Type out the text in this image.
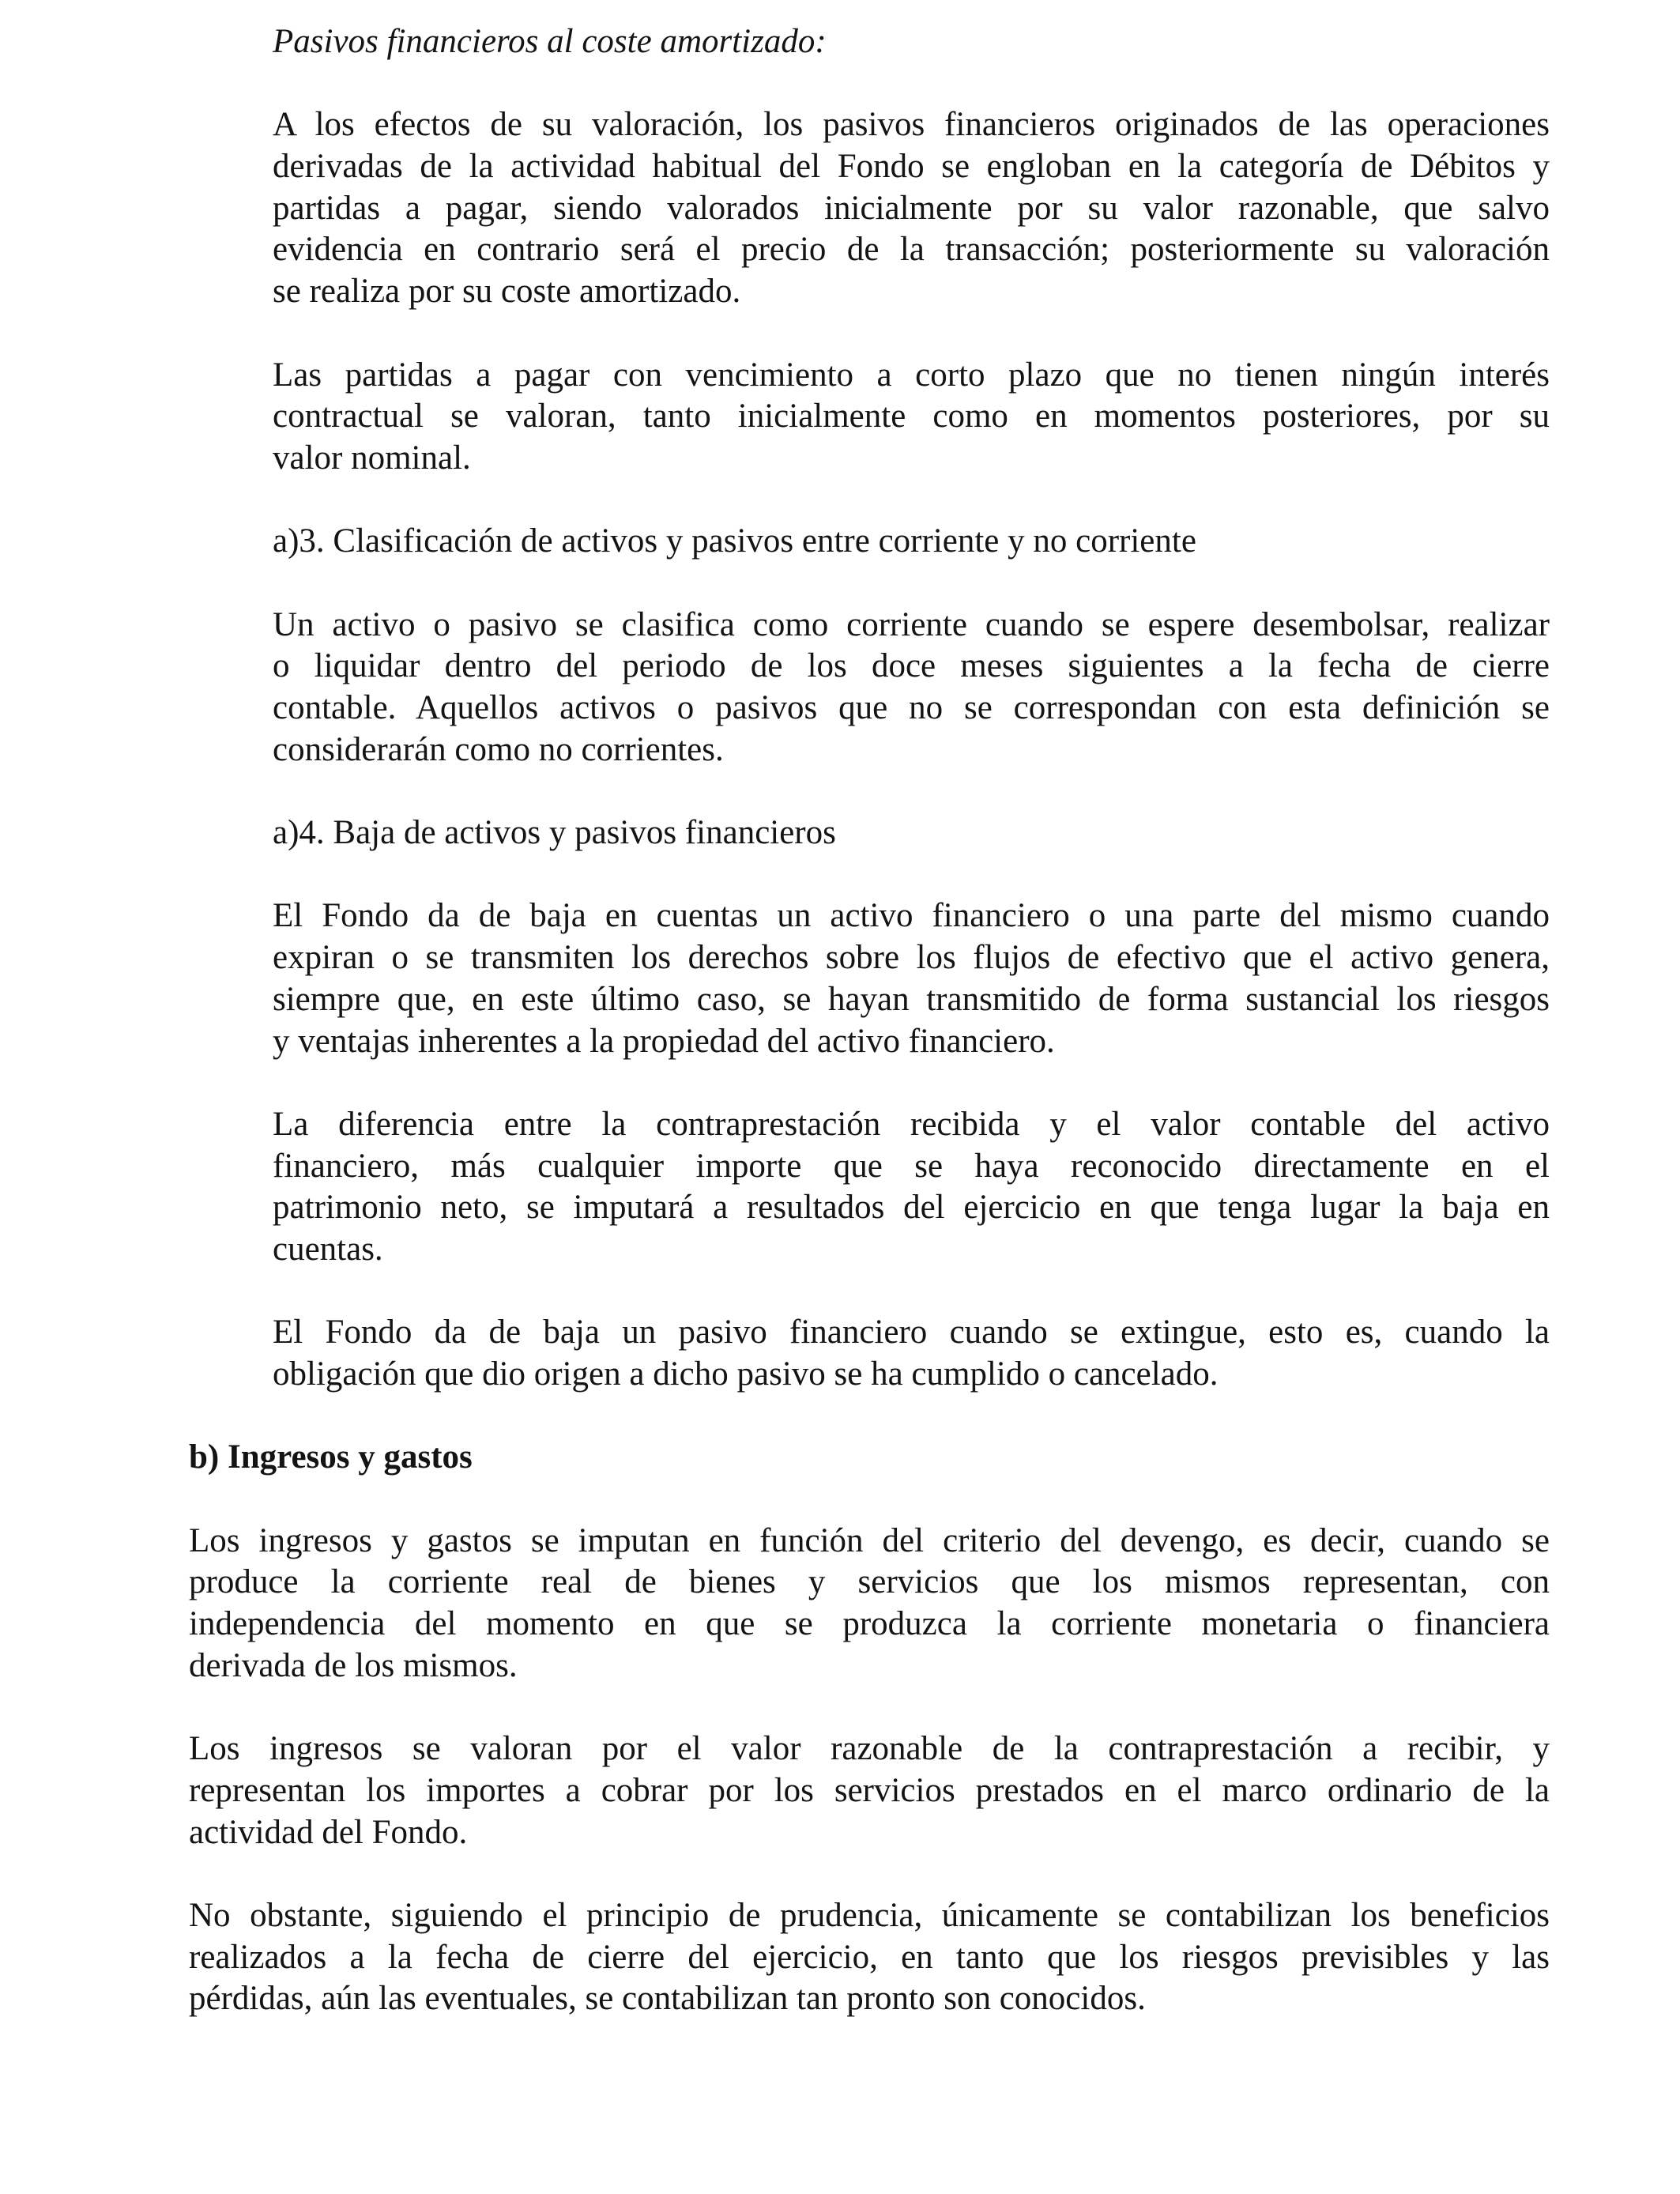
Pasivos financieros al coste amortizado:
A los efectos de su valoración, los pasivos financieros originados de las operaciones
derivadas de la actividad habitual del Fondo se engloban en la categoría de Débitos y
partidas a pagar, siendo valorados inicialmente por su valor razonable, que salvo
evidencia en contrario será el precio de la transacción; posteriormente su valoración
se realiza por su coste amortizado.
Las partidas a pagar con vencimiento a corto plazo que no tienen ningún interés
contractual se valoran, tanto inicialmente como en momentos posteriores, por su
valor nominal.
a)3. Clasificación de activos y pasivos entre corriente y no corriente
Un activo o pasivo se clasifica como corriente cuando se espere desembolsar, realizar
o liquidar dentro del periodo de los doce meses siguientes a la fecha de cierre
contable. Aquellos activos o pasivos que no se correspondan con esta definición se
considerarán como no corrientes.
a)4. Baja de activos y pasivos financieros
El Fondo da de baja en cuentas un activo financiero o una parte del mismo cuando
expiran o se transmiten los derechos sobre los flujos de efectivo que el activo genera,
siempre que, en este último caso, se hayan transmitido de forma sustancial los riesgos
y ventajas inherentes a la propiedad del activo financiero.
La diferencia entre la contraprestación recibida y el valor contable del activo
financiero, más cualquier importe que se haya reconocido directamente en el
patrimonio neto, se imputará a resultados del ejercicio en que tenga lugar la baja en
cuentas.
El Fondo da de baja un pasivo financiero cuando se extingue, esto es, cuando la
obligación que dio origen a dicho pasivo se ha cumplido o cancelado.
b) Ingresos y gastos
Los ingresos y gastos se imputan en función del criterio del devengo, es decir, cuando se
produce la corriente real de bienes y servicios que los mismos representan, con
independencia del momento en que se produzca la corriente monetaria o financiera
derivada de los mismos.
Los ingresos se valoran por el valor razonable de la contraprestación a recibir, y
representan los importes a cobrar por los servicios prestados en el marco ordinario de la
actividad del Fondo.
No obstante, siguiendo el principio de prudencia, únicamente se contabilizan los beneficios
realizados a la fecha de cierre del ejercicio, en tanto que los riesgos previsibles y las
pérdidas, aún las eventuales, se contabilizan tan pronto son conocidos.
